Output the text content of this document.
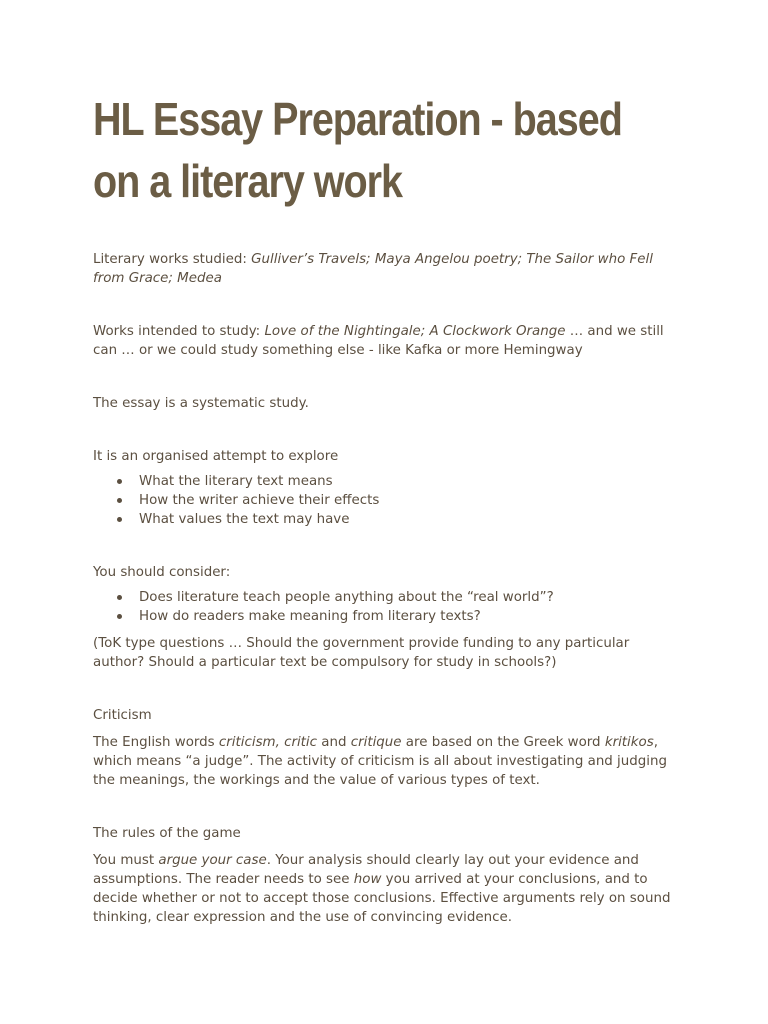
HL Essay Preparation - based on a literary work

Literary works studied: Gulliver’s Travels; Maya Angelou poetry; The Sailor who Fell from Grace; Medea

Works intended to study: Love of the Nightingale; A Clockwork Orange … and we still can … or we could study something else - like Kafka or more Hemingway

The essay is a systematic study.

It is an organised attempt to explore

What the literary text means
How the writer achieve their effects
What values the text may have

You should consider:

Does literature teach people anything about the “real world”?
How do readers make meaning from literary texts?

(ToK type questions … Should the government provide funding to any particular author? Should a particular text be compulsory for study in schools?)

Criticism

The English words criticism, critic and critique are based on the Greek word kritikos, which means “a judge”. The activity of criticism is all about investigating and judging the meanings, the workings and the value of various types of text.

The rules of the game

You must argue your case. Your analysis should clearly lay out your evidence and assumptions. The reader needs to see how you arrived at your conclusions, and to decide whether or not to accept those conclusions. Effective arguments rely on sound thinking, clear expression and the use of convincing evidence.
